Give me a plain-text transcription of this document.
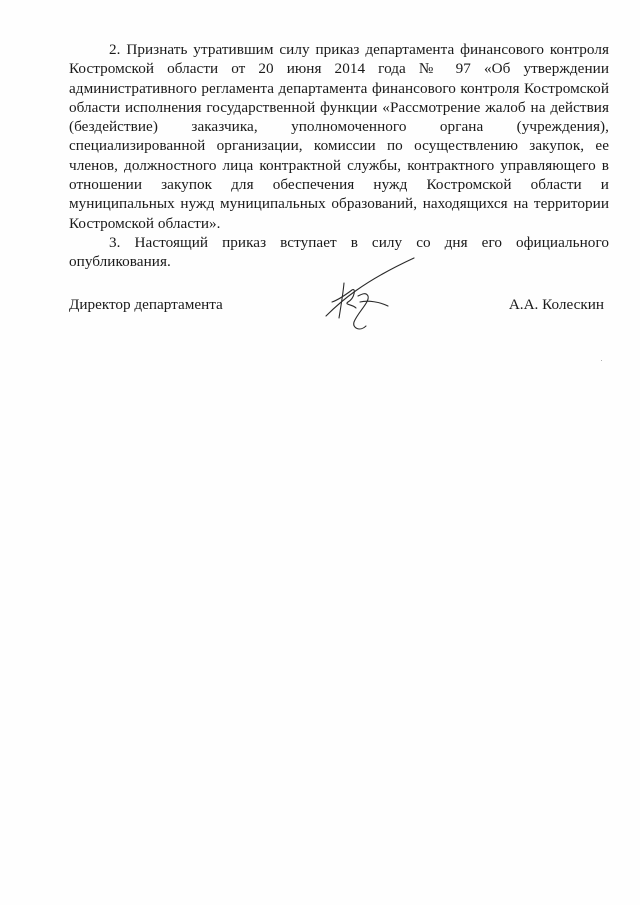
2. Признать утратившим силу приказ департамента финансового контроля Костромской области от 20 июня 2014 года № 97 «Об утверждении административного регламента департамента финансового контроля Костромской области исполнения государственной функции «Рассмотрение жалоб на действия (бездействие) заказчика, уполномоченного органа (учреждения), специализированной организации, комиссии по осуществлению закупок, ее членов, должностного лица контрактной службы, контрактного управляющего в отношении закупок для обеспечения нужд Костромской области и муниципальных нужд муниципальных образований, находящихся на территории Костромской области».

3. Настоящий приказ вступает в силу со дня его официального опубликования.

Директор департамента	А.А. Колескин
